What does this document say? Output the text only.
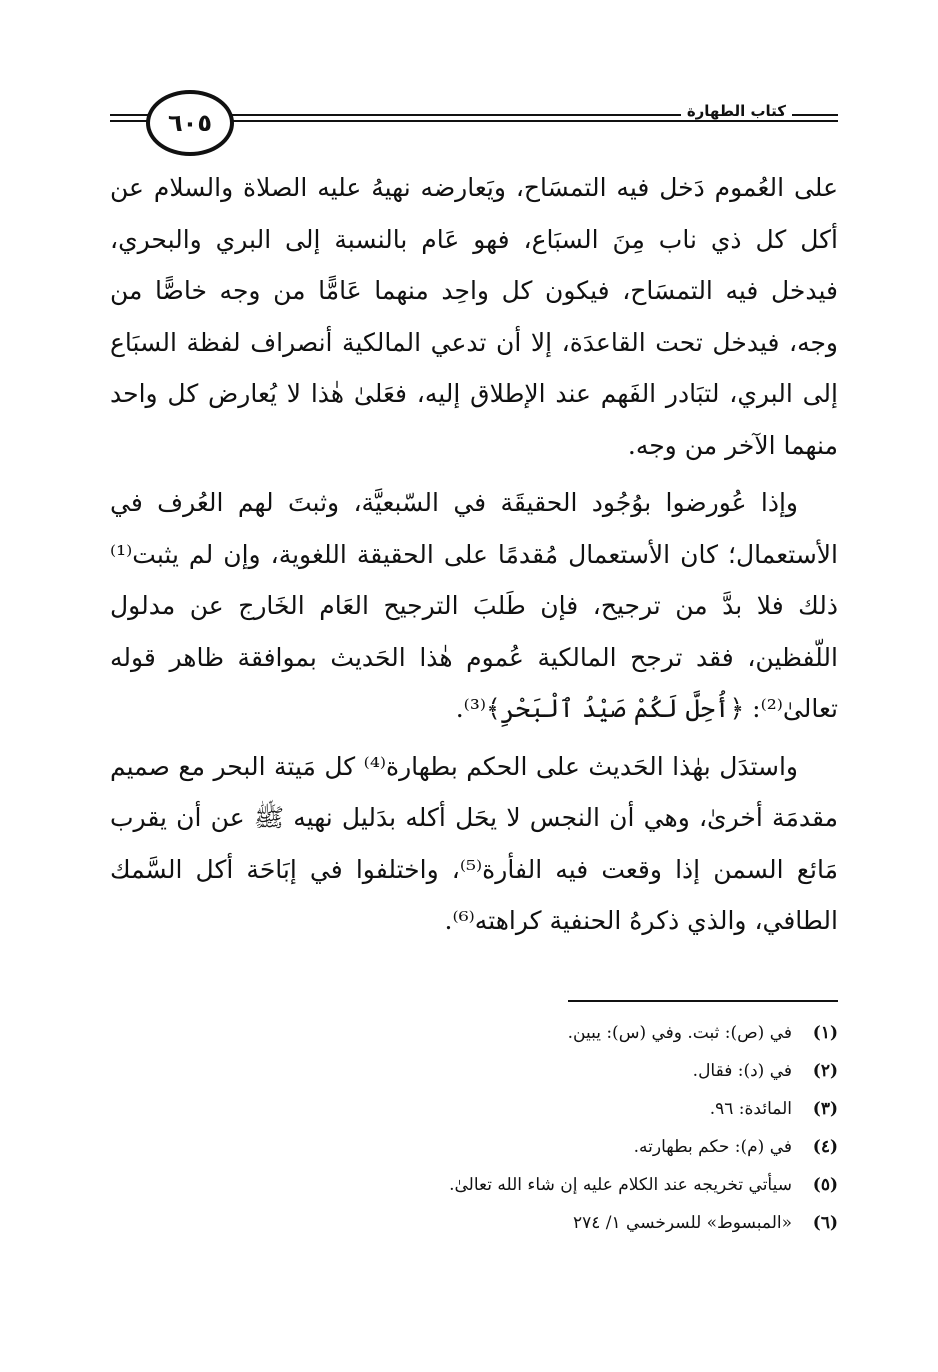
٦٠٥	كتاب الطهارة

على العُموم دَخل فيه التمسَاح، ويَعارضه نهيهُ عليه الصلاة والسلام عن أكل كل ذي ناب مِنَ السبَاع، فهو عَام بالنسبة إلى البري والبحري، فيدخل فيه التمسَاح، فيكون كل واحِد منهما عَامًّا من وجه خاصًّا من وجه، فيدخل تحت القاعدَة، إلا أن تدعي المالكية أنصراف لفظة السبَاع إلى البري، لتبَادر الفَهم عند الإطلاق إليه، فعَلىٰ هٰذا لا يُعارض كل واحد منهما الآخر من وجه.

وإذا عُورضوا بوُجُود الحقيقَة في السّبعيَّة، وثبتَ لهم العُرف في الأستعمال؛ كان الأستعمال مُقدمًا على الحقيقة اللغوية، وإن لم يثبت⁽¹⁾ ذلك فلا بدَّ من ترجيح، فإن طَلبَ الترجيح العَام الخَارج عن مدلول اللّفظين، فقد ترجح المالكية عُموم هٰذا الحَديث بموافقة ظاهر قوله تعالىٰ⁽²⁾: ﴿أُحِلَّ لَكُمْ صَيْدُ ٱلْبَحْرِ﴾⁽³⁾.

واستدَل بهٰذا الحَديث على الحكم بطهارة⁽⁴⁾ كل مَيتة البحر مع صميم مقدمَة أخرىٰ، وهي أن النجس لا يحَل أكله بدَليل نهيه ﷺ عن أن يقرب مَائع السمن إذا وقعت فيه الفأرة⁽⁵⁾، واختلفوا في إبَاحَة أكل السَّمك الطافي، والذي ذكرهُ الحنفية كراهته⁽⁶⁾.

(١)
في (ص): ثبت. وفي (س): يبين.
(٢)
في (د): فقال.
(٣)
المائدة: ٩٦.
(٤)
في (م): حكم بطهارته.
(٥)
سيأتي تخريجه عند الكلام عليه إن شاء الله تعالىٰ.
(٦)
«المبسوط» للسرخسي ١/ ٢٧٤
